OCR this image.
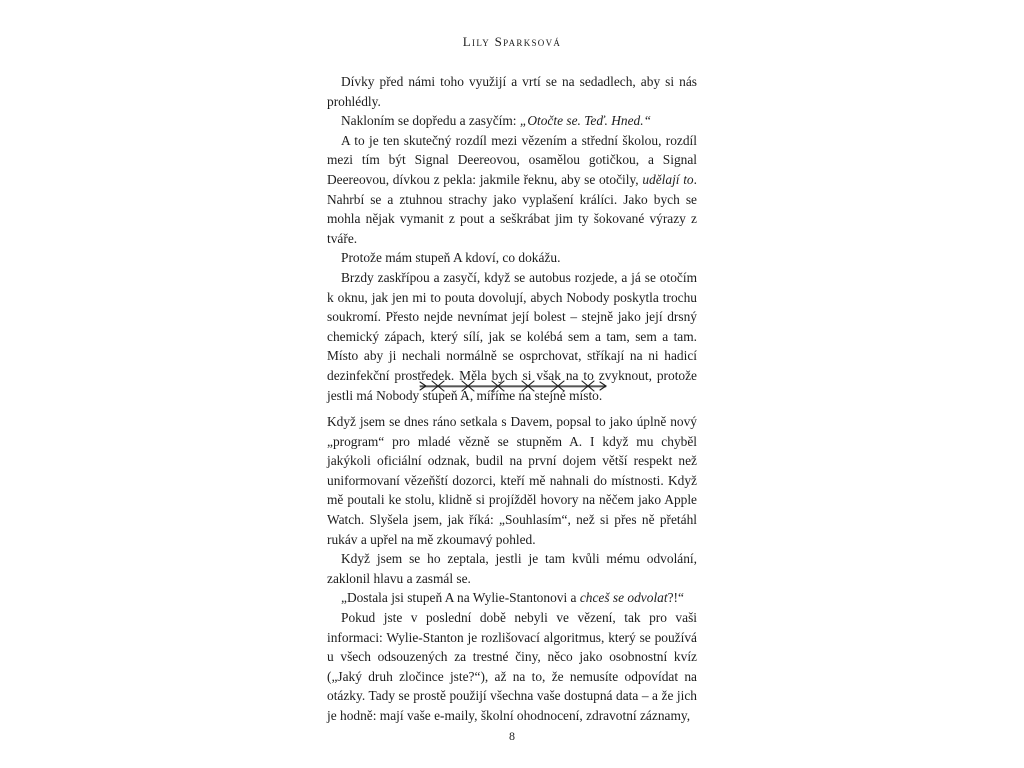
Lily Sparksová

Dívky před námi toho využijí a vrtí se na sedadlech, aby si nás prohlédly.

Nakloním se dopředu a zasyčím: „Otočte se. Teď. Hned.“

A to je ten skutečný rozdíl mezi vězením a střední školou, rozdíl mezi tím být Signal Deereovou, osamělou gotičkou, a Signal Deereovou, dívkou z pekla: jakmile řeknu, aby se otočily, udělají to. Nahrbí se a ztuhnou strachy jako vyplašení králíci. Jako bych se mohla nějak vymanit z pout a seškrábat jim ty šokované výrazy z tváře.

Protože mám stupeň A kdoví, co dokážu.

Brzdy zaskřípou a zasyčí, když se autobus rozjede, a já se otočím k oknu, jak jen mi to pouta dovolují, abych Nobody poskytla trochu soukromí. Přesto nejde nevnímat její bolest – stejně jako její drsný chemický zápach, který sílí, jak se kolébá sem a tam, sem a tam. Místo aby ji nechali normálně se osprchovat, stříkají na ni hadicí dezinfekční prostředek. Měla bych si však na to zvyknout, protože jestli má Nobody stupeň A, míříme na stejné místo.

Když jsem se dnes ráno setkala s Davem, popsal to jako úplně nový „program“ pro mladé vězně se stupněm A. I když mu chyběl jakýkoli oficiální odznak, budil na první dojem větší respekt než uniformovaní vězeňští dozorci, kteří mě nahnali do místnosti. Když mě poutali ke stolu, klidně si projížděl hovory na něčem jako Apple Watch. Slyšela jsem, jak říká: „Souhlasím“, než si přes ně přetáhl rukáv a upřel na mě zkoumavý pohled.

Když jsem se ho zeptala, jestli je tam kvůli mému odvolání, zaklonil hlavu a zasmál se.

„Dostala jsi stupeň A na Wylie-Stantonovi a chceš se odvolat?!“

Pokud jste v poslední době nebyli ve vězení, tak pro vaši informaci: Wylie-Stanton je rozlišovací algoritmus, který se používá u všech odsouzených za trestné činy, něco jako osobnostní kvíz („Jaký druh zločince jste?“), až na to, že nemusíte odpovídat na otázky. Tady se prostě použijí všechna vaše dostupná data – a že jich je hodně: mají vaše e-maily, školní ohodnocení, zdravotní záznamy,

8
